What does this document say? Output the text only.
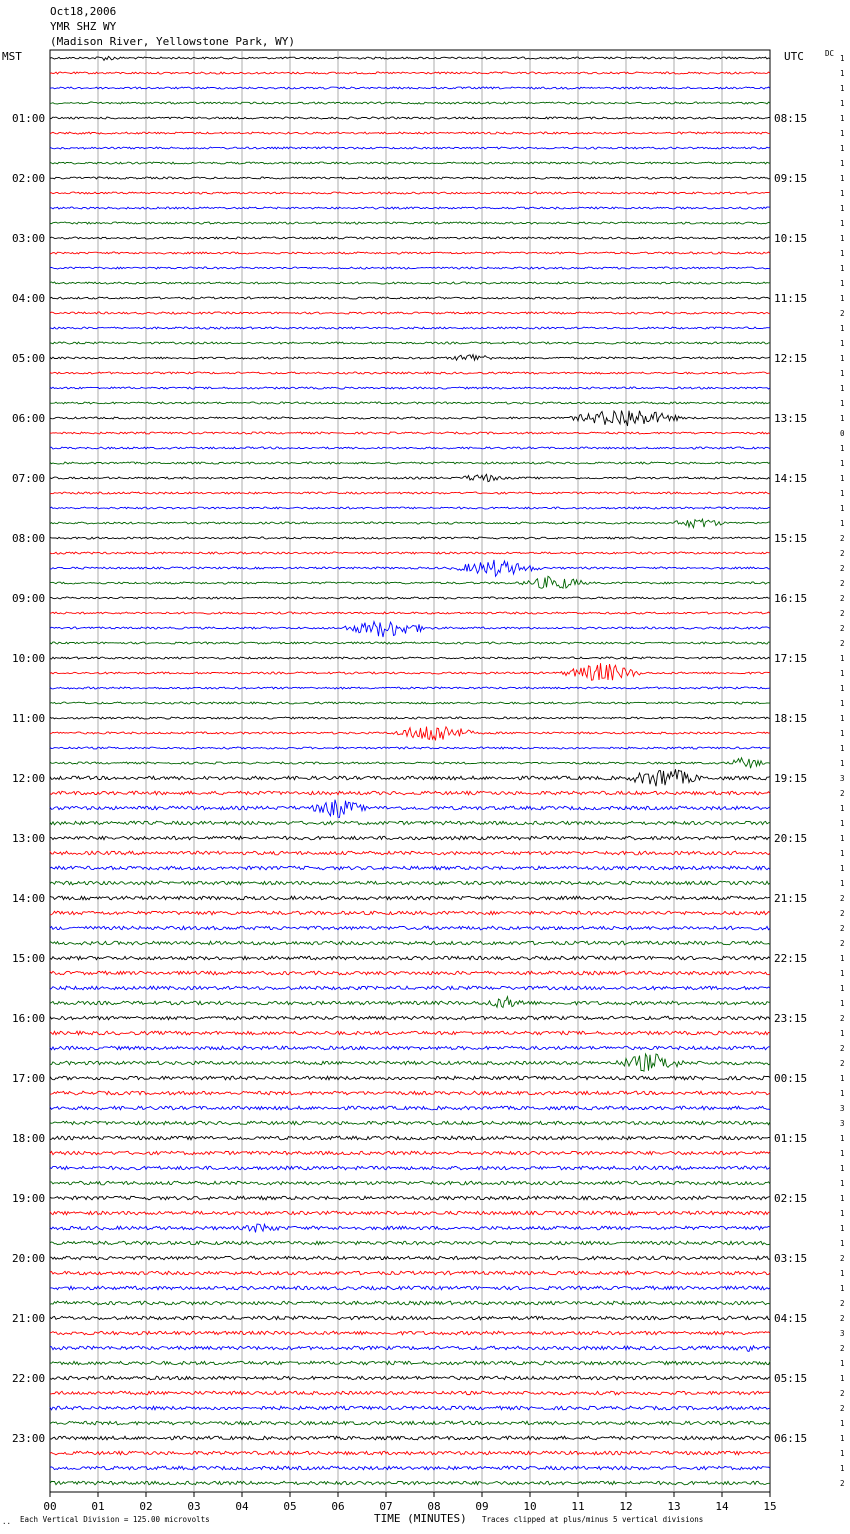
Oct18,2006
YMR SHZ WY
(Madison River, Yellowstone Park, WY)
MST	UTC	DC
01:00
02:00
03:00
04:00
05:00
06:00
07:00
08:00
09:00
10:00
11:00
12:00
13:00
14:00
15:00
16:00
17:00
18:00
19:00
20:00
21:00
22:00
23:00
08:15
09:15
10:15
11:15
12:15
13:15
14:15
15:15
16:15
17:15
18:15
19:15
20:15
21:15
22:15
23:15
00:15
01:15
02:15
03:15
04:15
05:15
06:15
1
1
1
1
1
1
1
1
1
1
1
1
1
1
1
1
1
2
1
1
1
1
1
1
1
0
1
1
1
1
1
1
2
2
2
2
2
2
2
2
1
1
1
1
1
1
1
1
3
2
1
1
1
1
1
1
2
2
2
2
1
1
1
1
2
1
2
2
1
1
3
3
1
1
1
1
1
1
1
1
2
1
1
2
2
3
2
1
1
2
2
1
1
1
1
2
00	01	02	03	04	05	06	07	08	09	10	11	12	13	14	15
.. Each Vertical Division = 125.00 microvolts	TIME (MINUTES) Traces clipped at plus/minus 5 vertical divisions
